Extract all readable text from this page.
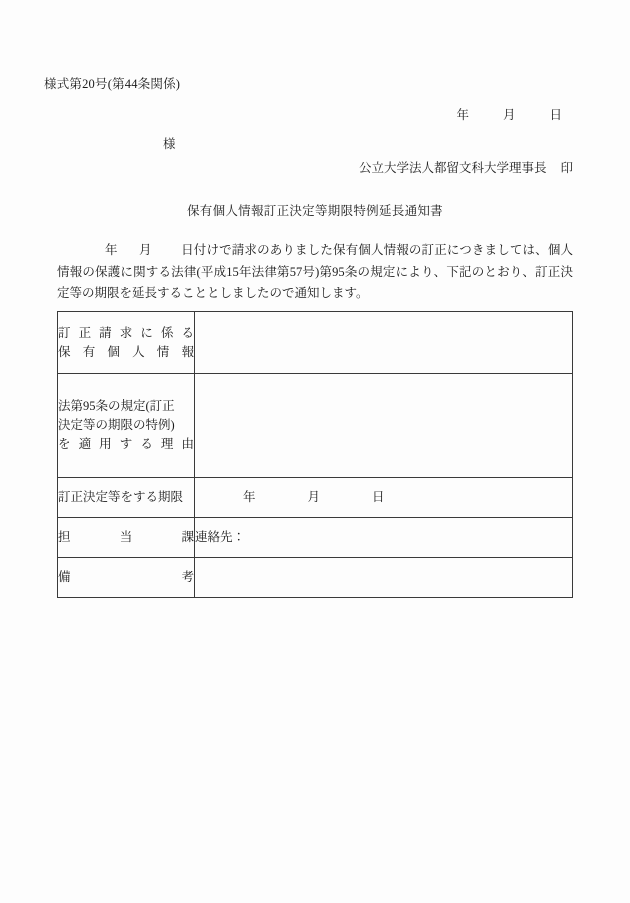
様式第20号(第44条関係)
年	月	日
様
公立大学法人都留文科大学理事長 印
保有個人情報訂正決定等期限特例延長通知書
年 月 日付けで請求のありました保有個人情報の訂正につきましては、個人情報の保護に関する法律(平成15年法律第57号)第95条の規定により、下記のとおり、訂正決定等の期限を延長することとしましたので通知します。
訂正請求に係る
保有個人情報	

法第95条の規定(訂正
決定等の期限の特例)
を適用する理由	

訂正決定等をする期限	年 月 日

担当課	連絡先：

備考	
